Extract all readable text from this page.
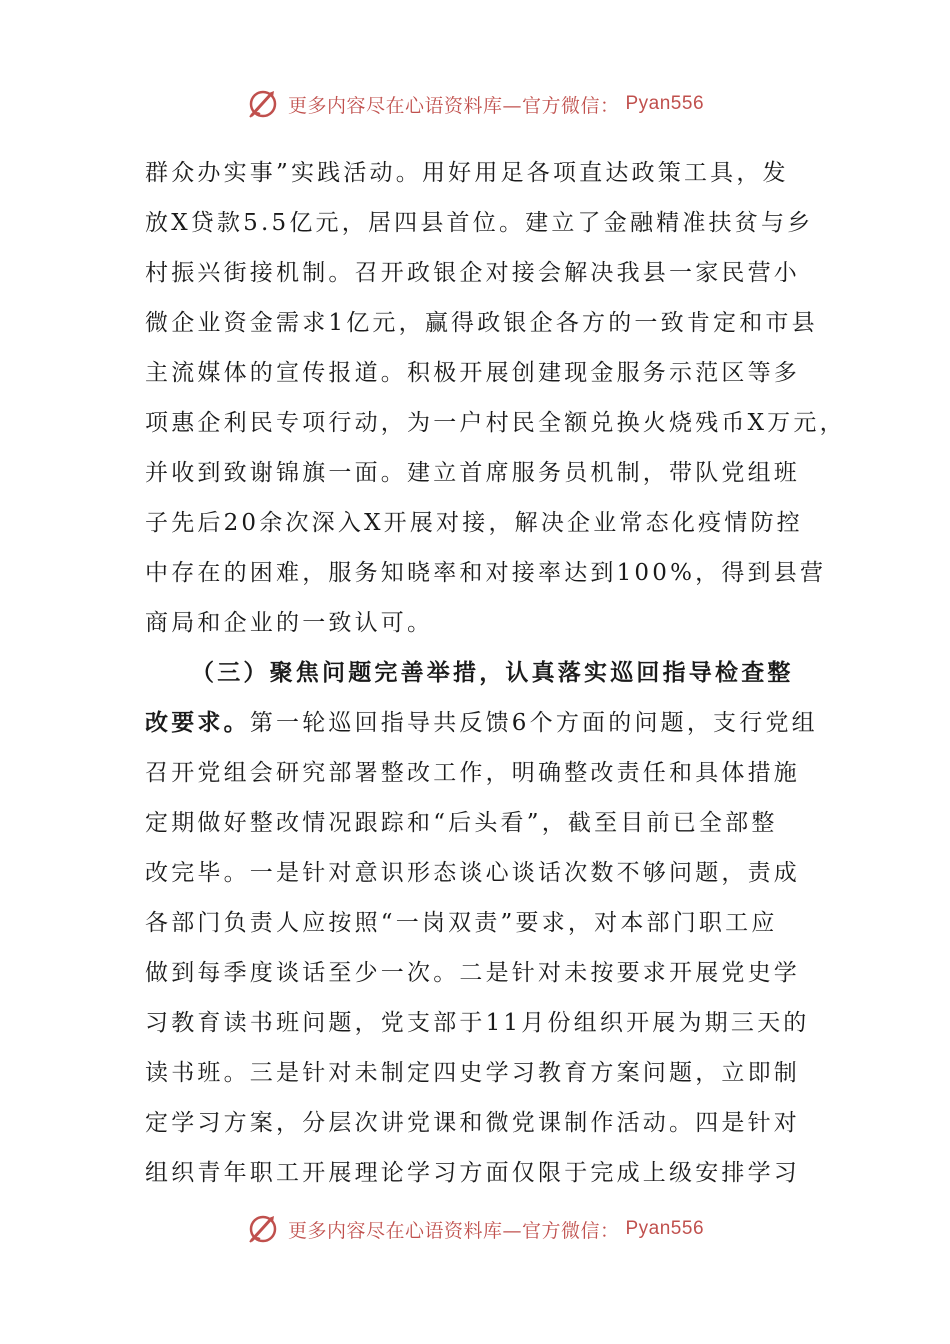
更多内容尽在心语资料库—官方微信： Pyan556
群众办实事”实践活动。用好用足各项直达政策工具，发
放X贷款5.5亿元，居四县首位。建立了金融精准扶贫与乡
村振兴街接机制。召开政银企对接会解决我县一家民营小
微企业资金需求1亿元，赢得政银企各方的一致肯定和市县
主流媒体的宣传报道。积极开展创建现金服务示范区等多
项惠企利民专项行动，为一户村民全额兑换火烧残币X万元，
并收到致谢锦旗一面。建立首席服务员机制，带队党组班
子先后20余次深入X开展对接，解决企业常态化疫情防控
中存在的困难，服务知晓率和对接率达到100%，得到县营
商局和企业的一致认可。
（三）聚焦问题完善举措，认真落实巡回指导检查整
改要求。第一轮巡回指导共反馈6个方面的问题，支行党组
召开党组会研究部署整改工作，明确整改责任和具体措施
定期做好整改情况跟踪和“后头看”，截至目前已全部整
改完毕。一是针对意识形态谈心谈话次数不够问题，责成
各部门负责人应按照“一岗双责”要求，对本部门职工应
做到每季度谈话至少一次。二是针对未按要求开展党史学
习教育读书班问题，党支部于11月份组织开展为期三天的
读书班。三是针对未制定四史学习教育方案问题，立即制
定学习方案，分层次讲党课和微党课制作活动。四是针对
组织青年职工开展理论学习方面仅限于完成上级安排学习
更多内容尽在心语资料库—官方微信： Pyan556
